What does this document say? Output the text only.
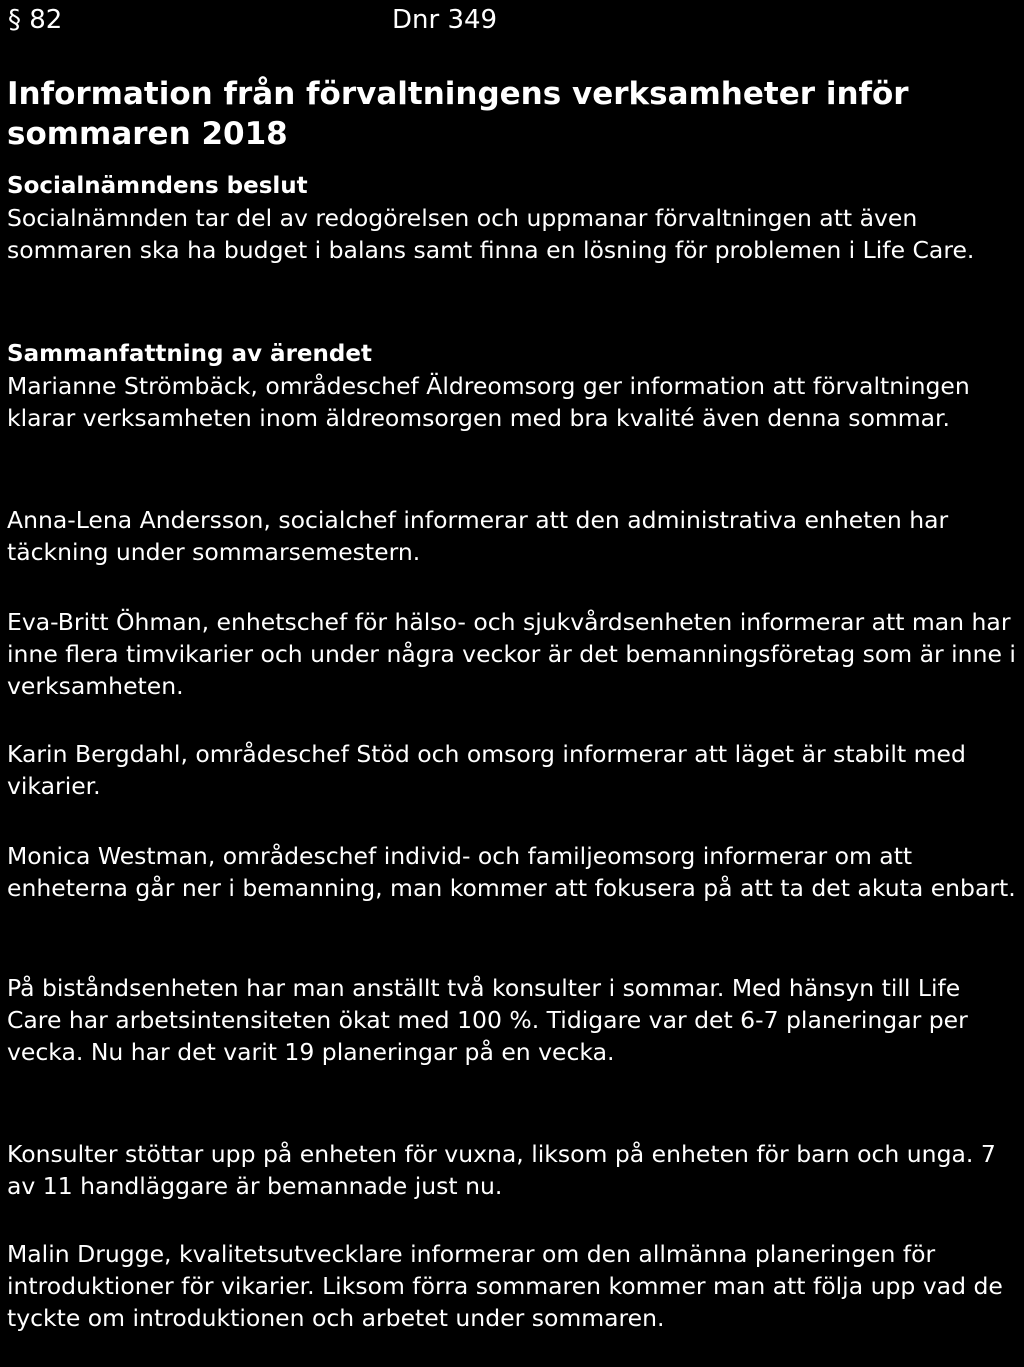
§ 82	Dnr 349
Information från förvaltningens verksamheter inför sommaren 2018
Socialnämndens beslut

Socialnämnden tar del av redogörelsen och uppmanar förvaltningen att även sommaren ska ha budget i balans samt finna en lösning för problemen i Life Care.

Sammanfattning av ärendet

Marianne Strömbäck, områdeschef Äldreomsorg ger information att förvaltningen klarar verksamheten inom äldreomsorgen med bra kvalité även denna sommar.

Anna-Lena Andersson, socialchef informerar att den administrativa enheten har täckning under sommarsemestern.

Eva-Britt Öhman, enhetschef för hälso- och sjukvårdsenheten informerar att man har inne flera timvikarier och under några veckor är det bemanningsföretag som är inne i verksamheten.

Karin Bergdahl, områdeschef Stöd och omsorg informerar att läget är stabilt med vikarier.

Monica Westman, områdeschef individ- och familjeomsorg informerar om att enheterna går ner i bemanning, man kommer att fokusera på att ta det akuta enbart.

På biståndsenheten har man anställt två konsulter i sommar. Med hänsyn till Life Care har arbetsintensiteten ökat med 100 %. Tidigare var det 6-7 planeringar per vecka. Nu har det varit 19 planeringar på en vecka.

Konsulter stöttar upp på enheten för vuxna, liksom på enheten för barn och unga. 7 av 11 handläggare är bemannade just nu.

Malin Drugge, kvalitetsutvecklare informerar om den allmänna planeringen för introduktioner för vikarier. Liksom förra sommaren kommer man att följa upp vad de tyckte om introduktionen och arbetet under sommaren.
